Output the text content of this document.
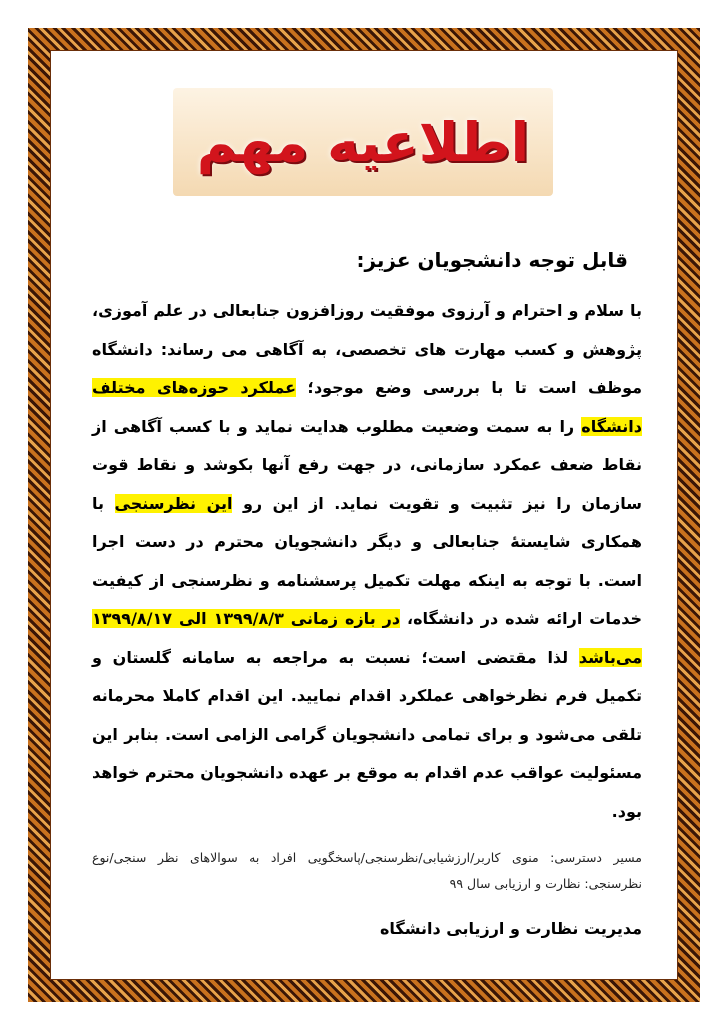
اطلاعیه مهم

قابل توجه دانشجویان عزیز:

با سلام و احترام و آرزوی موفقیت روزافزون جنابعالی در علم آموزی، پژوهش و کسب مهارت های تخصصی، به آگاهی می رساند: دانشگاه موظف است تا با بررسی وضع موجود؛ عملکرد حوزه‌های مختلف دانشگاه را به سمت وضعیت مطلوب هدایت نماید و با کسب آگاهی از نقاط ضعف عمکرد سازمانی، در جهت رفع آنها بکوشد و نقاط قوت سازمان را نیز تثبیت و تقویت نماید. از این رو این نظرسنجی با همکاری شایستهٔ جنابعالی و دیگر دانشجویان محترم در دست اجرا است. با توجه به اینکه مهلت تکمیل پرسشنامه و نظرسنجی از کیفیت خدمات ارائه شده در دانشگاه، در بازه زمانی ۱۳۹۹/۸/۳ الی ۱۳۹۹/۸/۱۷ می‌باشد لذا مقتضی است؛ نسبت به مراجعه به سامانه گلستان و تکمیل فرم نظرخواهی عملکرد اقدام نمایید. این اقدام کاملا محرمانه تلقی می‌شود و برای تمامی دانشجویان گرامی الزامی است. بنابر این مسئولیت عواقب عدم اقدام به موقع بر عهده دانشجویان محترم خواهد بود.

مسیر دسترسی: منوی کاربر/ارزشیابی/نظرسنجی/پاسخگویی افراد به سوالاهای نظر سنجی/نوع نظرسنجی: نظارت و ارزیابی سال ۹۹

مدیریت نظارت و ارزیابی دانشگاه
